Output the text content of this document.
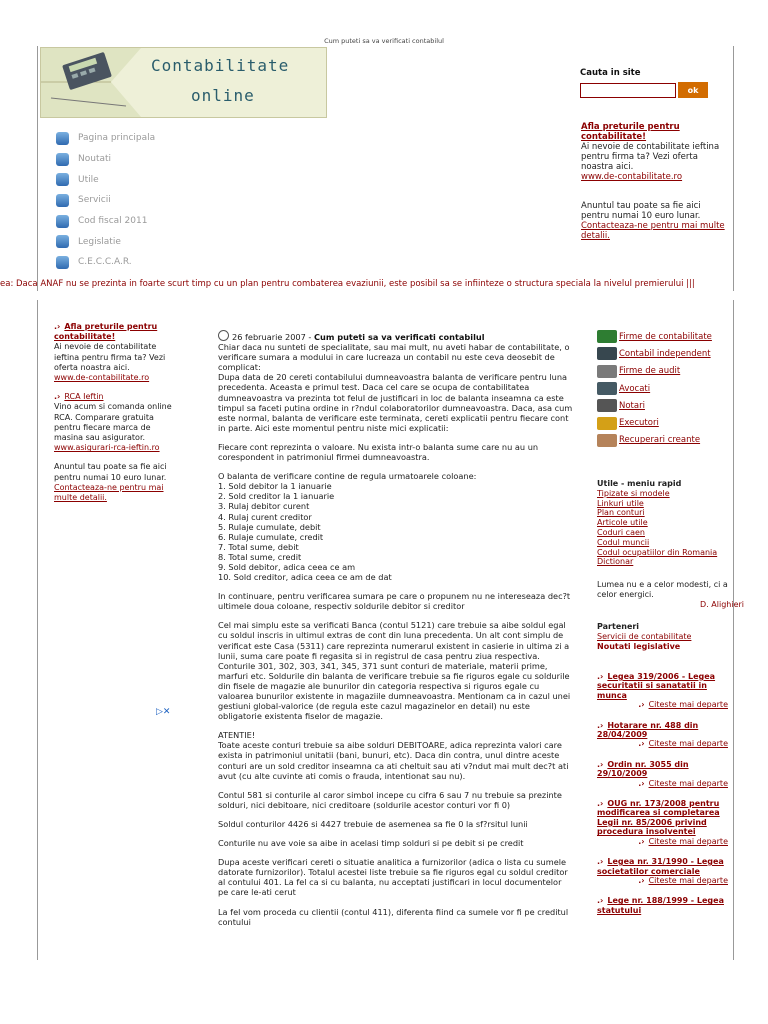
Cum puteti sa va verificati contabilul
Contabilitate
online
Pagina principala
Noutati
Utile
Servicii
Cod fiscal 2011
Legislatie
C.E.C.C.A.R.
Cauta in site
ok
Afla preturile pentru contabilitate!
Ai nevoie de contabilitate ieftina pentru firma ta? Vezi oferta noastra aici.
www.de-contabilitate.ro
Anuntul tau poate sa fie aici pentru numai 10 euro lunar. Contacteaza-ne pentru mai multe detalii.
ea: Daca ANAF nu se prezinta in foarte scurt timp cu un plan pentru combaterea evaziunii, este posibil sa se infiinteze o structura speciala la nivelul premierului |||
.› Afla preturile pentru contabilitate!
Ai nevoie de contabilitate ieftina pentru firma ta? Vezi oferta noastra aici.
www.de-contabilitate.ro
.› RCA Ieftin
Vino acum si comanda online RCA. Comparare gratuita pentru fiecare marca de masina sau asigurator.
www.asigurari-rca-ieftin.ro
Anuntul tau poate sa fie aici pentru numai 10 euro lunar. Contacteaza-ne pentru mai multe detalii.
▷✕

26 februarie 2007 - Cum puteti sa va verificati contabilul
Chiar daca nu sunteti de specialitate, sau mai mult, nu aveti habar de contabilitate, o verificare sumara a modului in care lucreaza un contabil nu este ceva deosebit de complicat:

Dupa data de 20 cereti contabilului dumneavoastra balanta de verificare pentru luna precedenta. Aceasta e primul test. Daca cel care se ocupa de contabilitatea dumneavoastra va prezinta tot felul de justificari in loc de balanta inseamna ca este timpul sa faceti putina ordine in r?ndul colaboratorilor dumneavoastra. Daca, asa cum este normal, balanta de verificare este terminata, cereti explicatii pentru fiecare cont in parte. Aici este momentul pentru niste mici explicatii:

Fiecare cont reprezinta o valoare. Nu exista intr-o balanta sume care nu au un corespondent in patrimoniul firmei dumneavoastra.

O balanta de verificare contine de regula urmatoarele coloane:
1. Sold debitor la 1 ianuarie
2. Sold creditor la 1 ianuarie
3. Rulaj debitor curent
4. Rulaj curent creditor
5. Rulaje cumulate, debit
6. Rulaje cumulate, credit
7. Total sume, debit
8. Total sume, credit
9. Sold debitor, adica ceea ce am
10. Sold creditor, adica ceea ce am de dat

In continuare, pentru verificarea sumara pe care o propunem nu ne intereseaza dec?t ultimele doua coloane, respectiv soldurile debitor si creditor

Cel mai simplu este sa verificati Banca (contul 5121) care trebuie sa aibe soldul egal cu soldul inscris in ultimul extras de cont din luna precedenta. Un alt cont simplu de verificat este Casa (5311) care reprezinta numerarul existent in casierie in ultima zi a lunii, suma care poate fi regasita si in registrul de casa pentru ziua respectiva. Conturile 301, 302, 303, 341, 345, 371 sunt conturi de materiale, materii prime, marfuri etc. Soldurile din balanta de verificare trebuie sa fie riguros egale cu soldurile din fisele de magazie ale bunurilor din categoria respectiva si riguros egale cu valoarea bunurilor existente in magaziile dumneavoastra. Mentionam ca in cazul unei gestiuni global-valorice (de regula este cazul magazinelor en detail) nu este obligatorie existenta fiselor de magazie.

ATENTIE!
Toate aceste conturi trebuie sa aibe solduri DEBITOARE, adica reprezinta valori care exista in patrimoniul unitatii (bani, bunuri, etc). Daca din contra, unul dintre aceste conturi are un sold creditor inseamna ca ati cheltuit sau ati v?ndut mai mult dec?t ati avut (cu alte cuvinte ati comis o frauda, intentionat sau nu).

Contul 581 si conturile al caror simbol incepe cu cifra 6 sau 7 nu trebuie sa prezinte solduri, nici debitoare, nici creditoare (soldurile acestor conturi vor fi 0)

Soldul conturilor 4426 si 4427 trebuie de asemenea sa fie 0 la sf?rsitul lunii

Conturile nu ave voie sa aibe in acelasi timp solduri si pe debit si pe credit

Dupa aceste verificari cereti o situatie analitica a furnizorilor (adica o lista cu sumele datorate furnizorilor). Totalul acestei liste trebuie sa fie riguros egal cu soldul creditor al contului 401. La fel ca si cu balanta, nu acceptati justificari in locul documentelor pe care le-ati cerut

La fel vom proceda cu clientii (contul 411), diferenta fiind ca sumele vor fi pe creditul contului

Firme de contabilitate
Contabil independent
Firme de audit
Avocati
Notari
Executori
Recuperari creante
Utile - meniu rapid
Tipizate si modele
Linkuri utile
Plan conturi
Articole utile
Coduri caen
Codul muncii
Codul ocupatiilor din Romania
Dictionar
Lumea nu e a celor modesti, ci a celor energici.
D. Alighieri
Parteneri
Servicii de contabilitate
Noutati legislative
.› Legea 319/2006 - Legea securitatii si sanatatii in munca
.› Citeste mai departe
.› Hotarare nr. 488 din 28/04/2009
.› Citeste mai departe
.› Ordin nr. 3055 din 29/10/2009
.› Citeste mai departe
.› OUG nr. 173/2008 pentru modificarea si completarea Legii nr. 85/2006 privind procedura insolventei
.› Citeste mai departe
.› Legea nr. 31/1990 - Legea societatilor comerciale
.› Citeste mai departe
.› Lege nr. 188/1999 - Legea statutului
